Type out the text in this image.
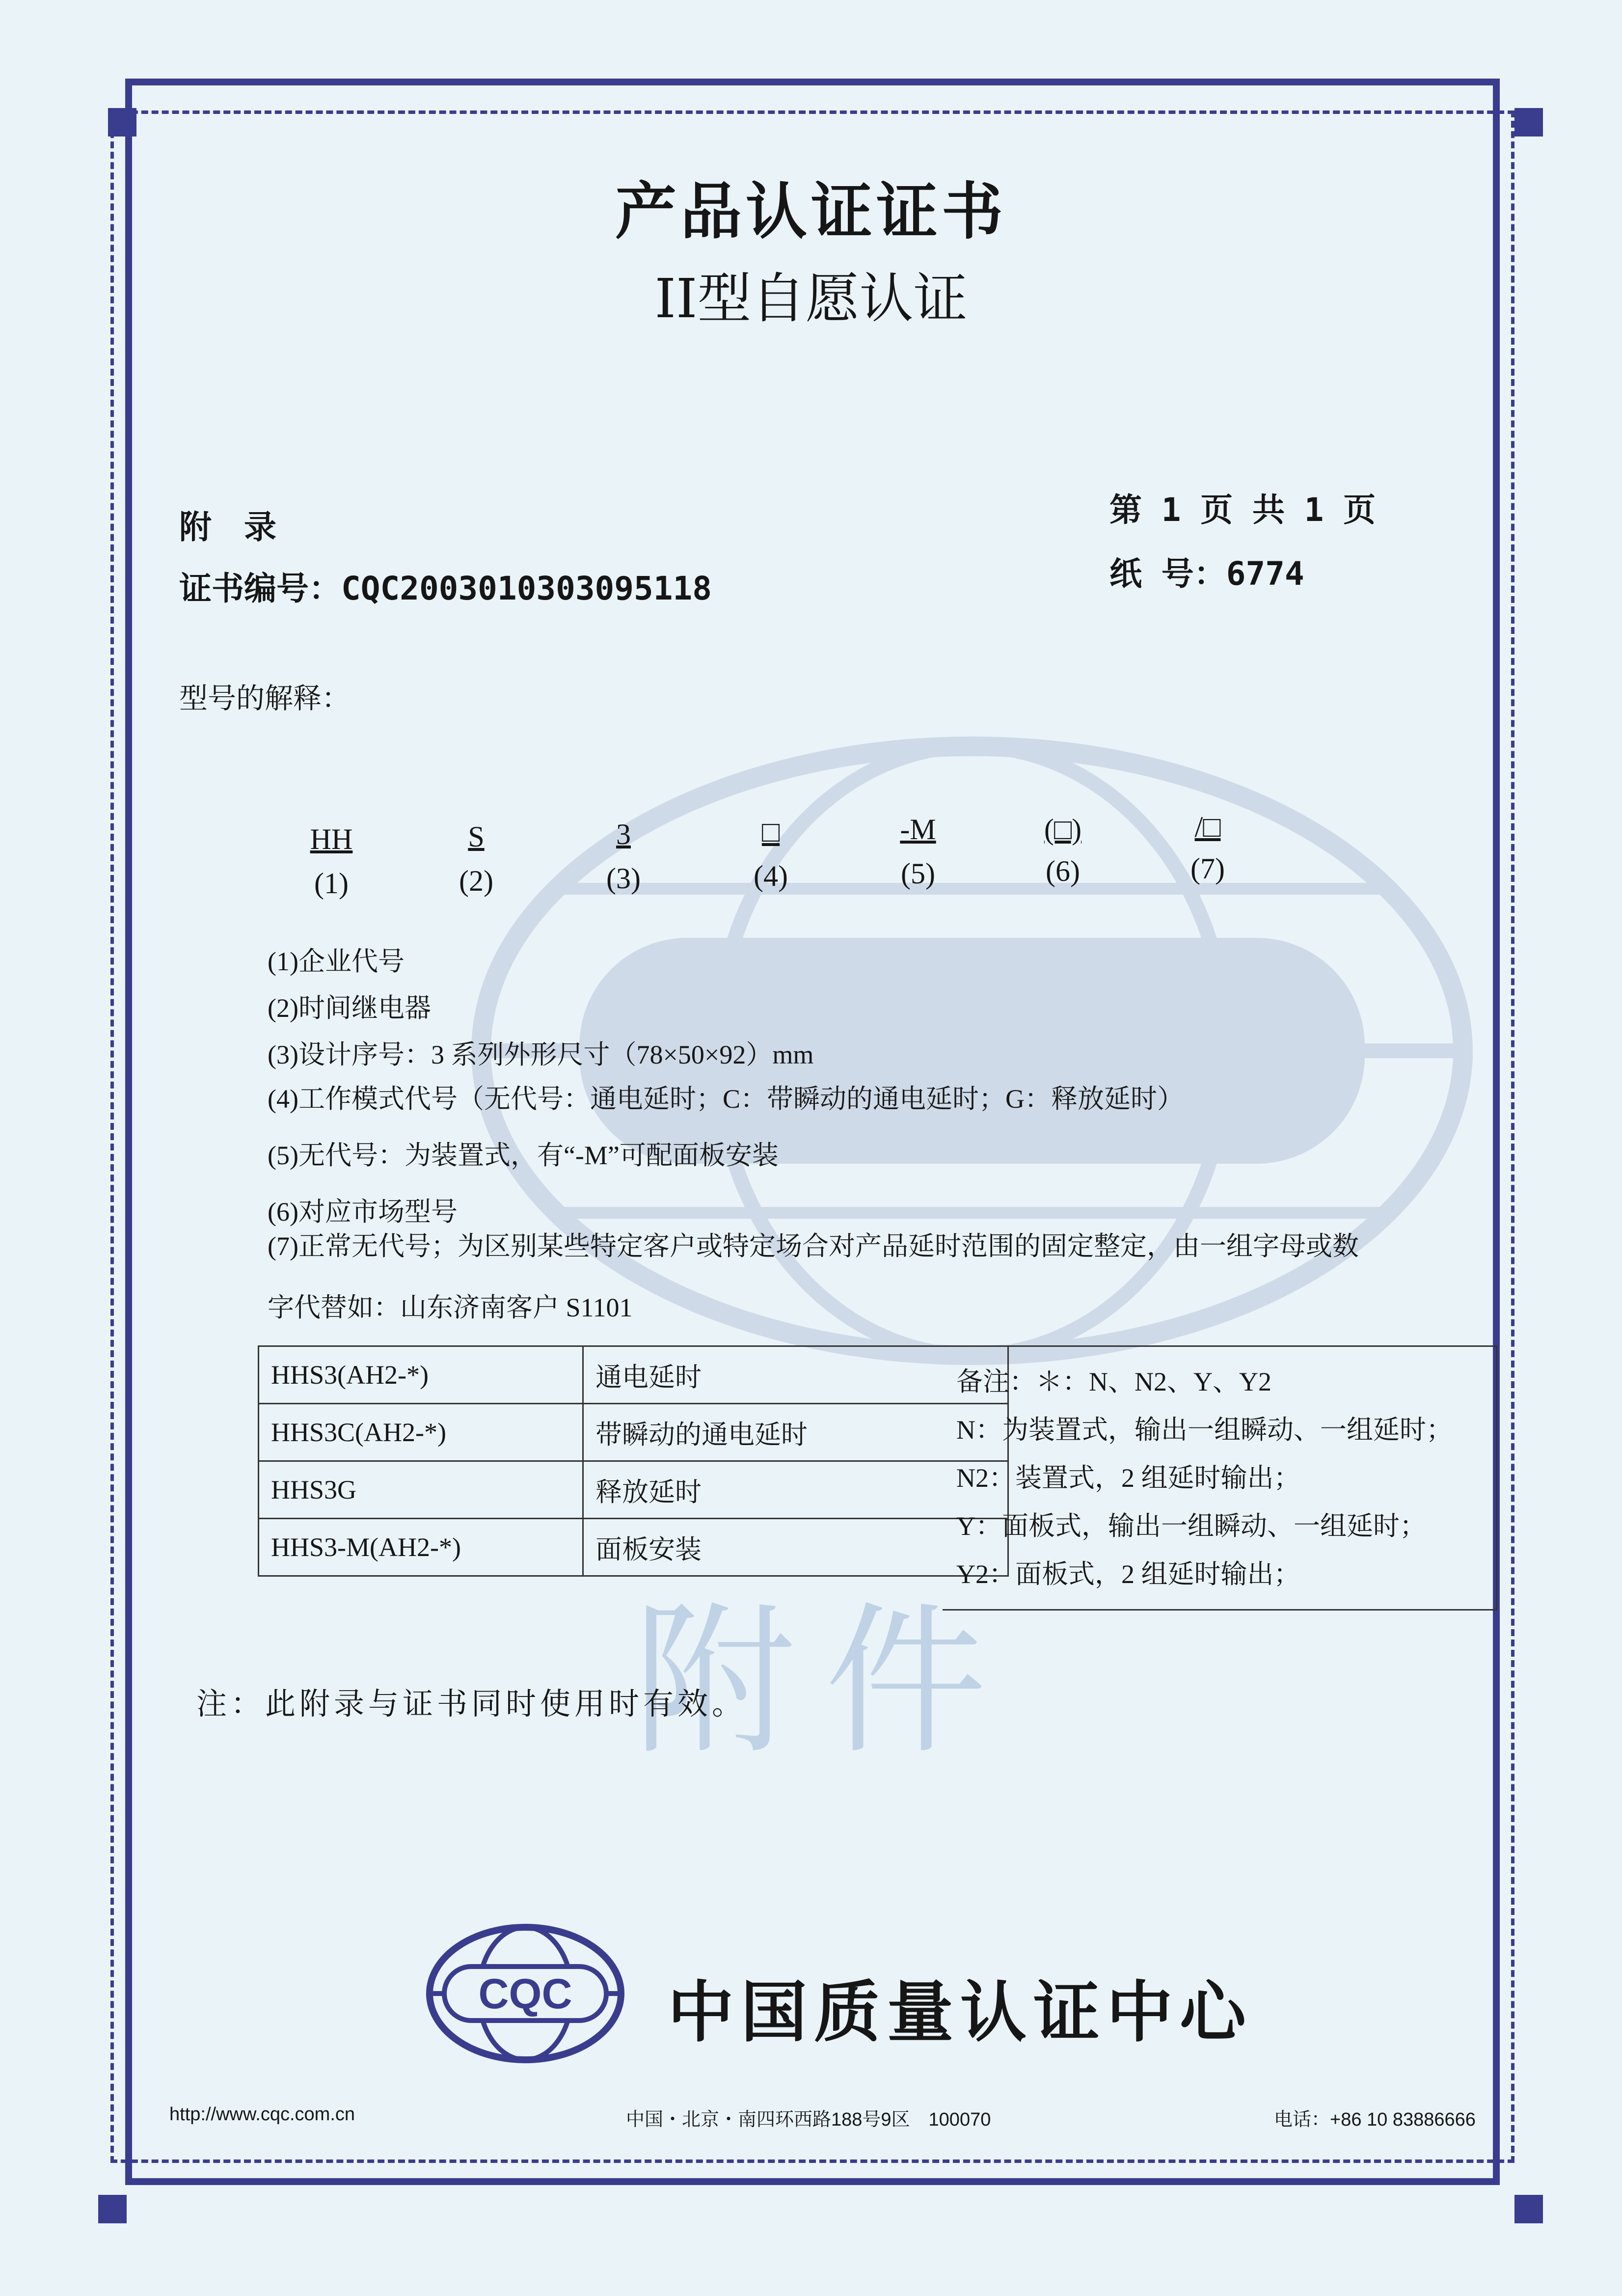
附件
产品认证证书
II型自愿认证
附　录	第 1 页 共 1 页
证书编号：CQC2003010303095118	纸 号：6774
型号的解释：
HH	S	3	□	-M	(□)	/□
(1)	(2)	(3)	(4)	(5)	(6)	(7)
(1)企业代号
(2)时间继电器
(3)设计序号：3 系列外形尺寸（78×50×92）mm
(4)工作模式代号（无代号：通电延时；C：带瞬动的通电延时；G：释放延时）
(5)无代号：为装置式，有“-M”可配面板安装
(6)对应市场型号
(7)正常无代号；为区别某些特定客户或特定场合对产品延时范围的固定整定，由一组字母或数
字代替如：山东济南客户 S1101
HHS3(AH2-*)	通电延时
HHS3C(AH2-*)	带瞬动的通电延时
HHS3G	释放延时
HHS3-M(AH2-*)	面板安装
备注：＊：N、N2、Y、Y2
N：为装置式，输出一组瞬动、一组延时；
N2：装置式，2 组延时输出；
Y：面板式，输出一组瞬动、一组延时；
Y2：面板式，2 组延时输出；
注：此附录与证书同时使用时有效。
CQC 中国质量认证中心
http://www.cqc.com.cn	中国・北京・南四环西路188号9区　100070	电话：+86 10 83886666
